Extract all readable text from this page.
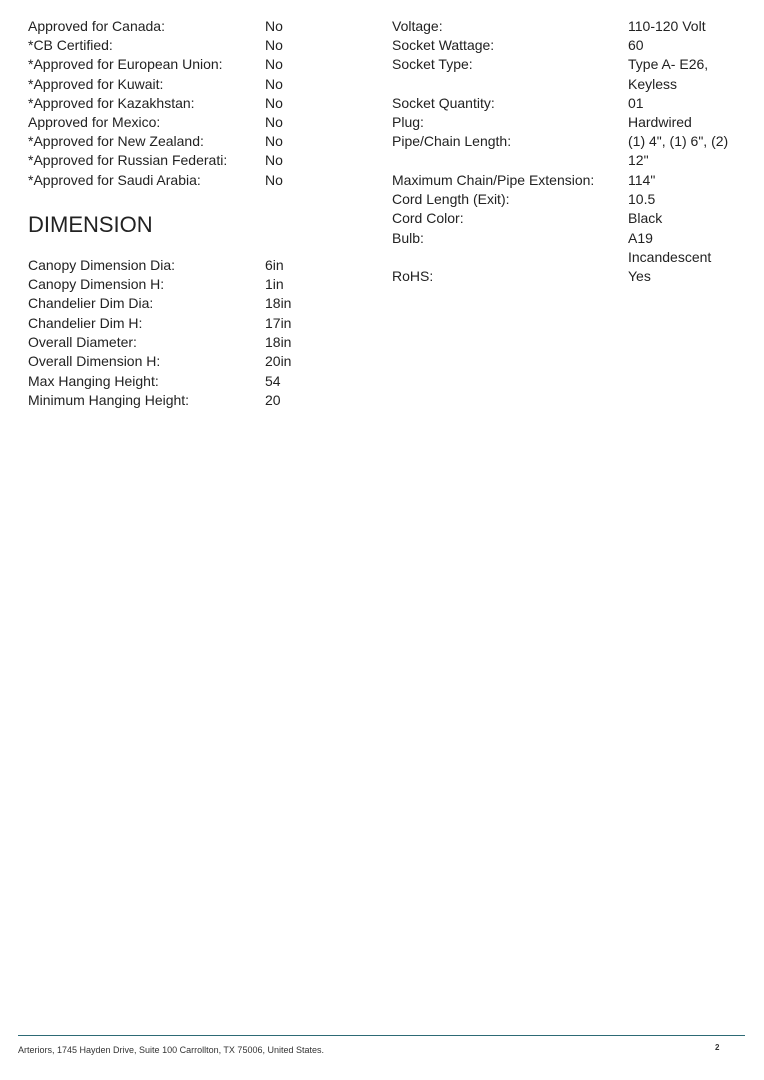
Approved for Canada:	No
*CB Certified:	No
*Approved for European Union:	No
*Approved for Kuwait:	No
*Approved for Kazakhstan:	No
Approved for Mexico:	No
*Approved for New Zealand:	No
*Approved for Russian Federati:	No
*Approved for Saudi Arabia:	No
DIMENSION
Canopy Dimension Dia:	6in
Canopy Dimension H:	1in
Chandelier Dim Dia:	18in
Chandelier Dim H:	17in
Overall Diameter:	18in
Overall Dimension H:	20in
Max Hanging Height:	54
Minimum Hanging Height:	20
Voltage:	110-120 Volt
Socket Wattage:	60
Socket Type:	Type A- E26,
Keyless
Socket Quantity:	01
Plug:	Hardwired
Pipe/Chain Length:	(1) 4", (1) 6", (2)
12"
Maximum Chain/Pipe Extension: 114"
Cord Length (Exit):	10.5
Cord Color:	Black
Bulb:	A19
Incandescent
RoHS:	Yes
Arteriors, 1745 Hayden Drive, Suite 100 Carrollton, TX 75006, United States.	2
